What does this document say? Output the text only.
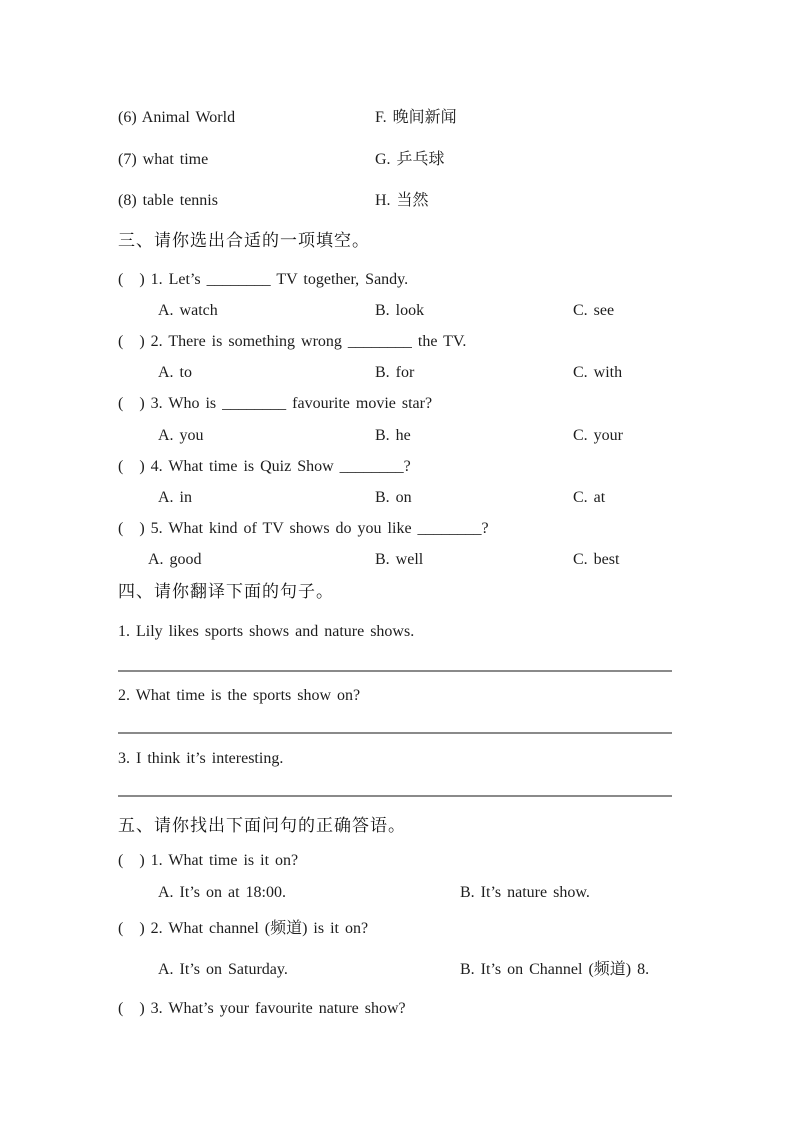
(6) Animal World	F. 晚间新闻
(7) what time	G. 乒乓球
(8) table tennis	H. 当然
三、请你选出合适的一项填空。
( ) 1. Let’s ________ TV together, Sandy.
A. watch	B. look	C. see
( ) 2. There is something wrong ________ the TV.
A. to	B. for	C. with
( ) 3. Who is ________ favourite movie star?
A. you	B. he	C. your
( ) 4. What time is Quiz Show ________?
A. in	B. on	C. at
( ) 5. What kind of TV shows do you like ________?
A. good	B. well	C. best
四、请你翻译下面的句子。
1. Lily likes sports shows and nature shows.
2. What time is the sports show on?
3. I think it’s interesting.
五、请你找出下面问句的正确答语。
( ) 1. What time is it on?
A. It’s on at 18:00.	B. It’s nature show.
( ) 2. What channel (频道) is it on?
A. It’s on Saturday.	B. It’s on Channel (频道) 8.
( ) 3. What’s your favourite nature show?
